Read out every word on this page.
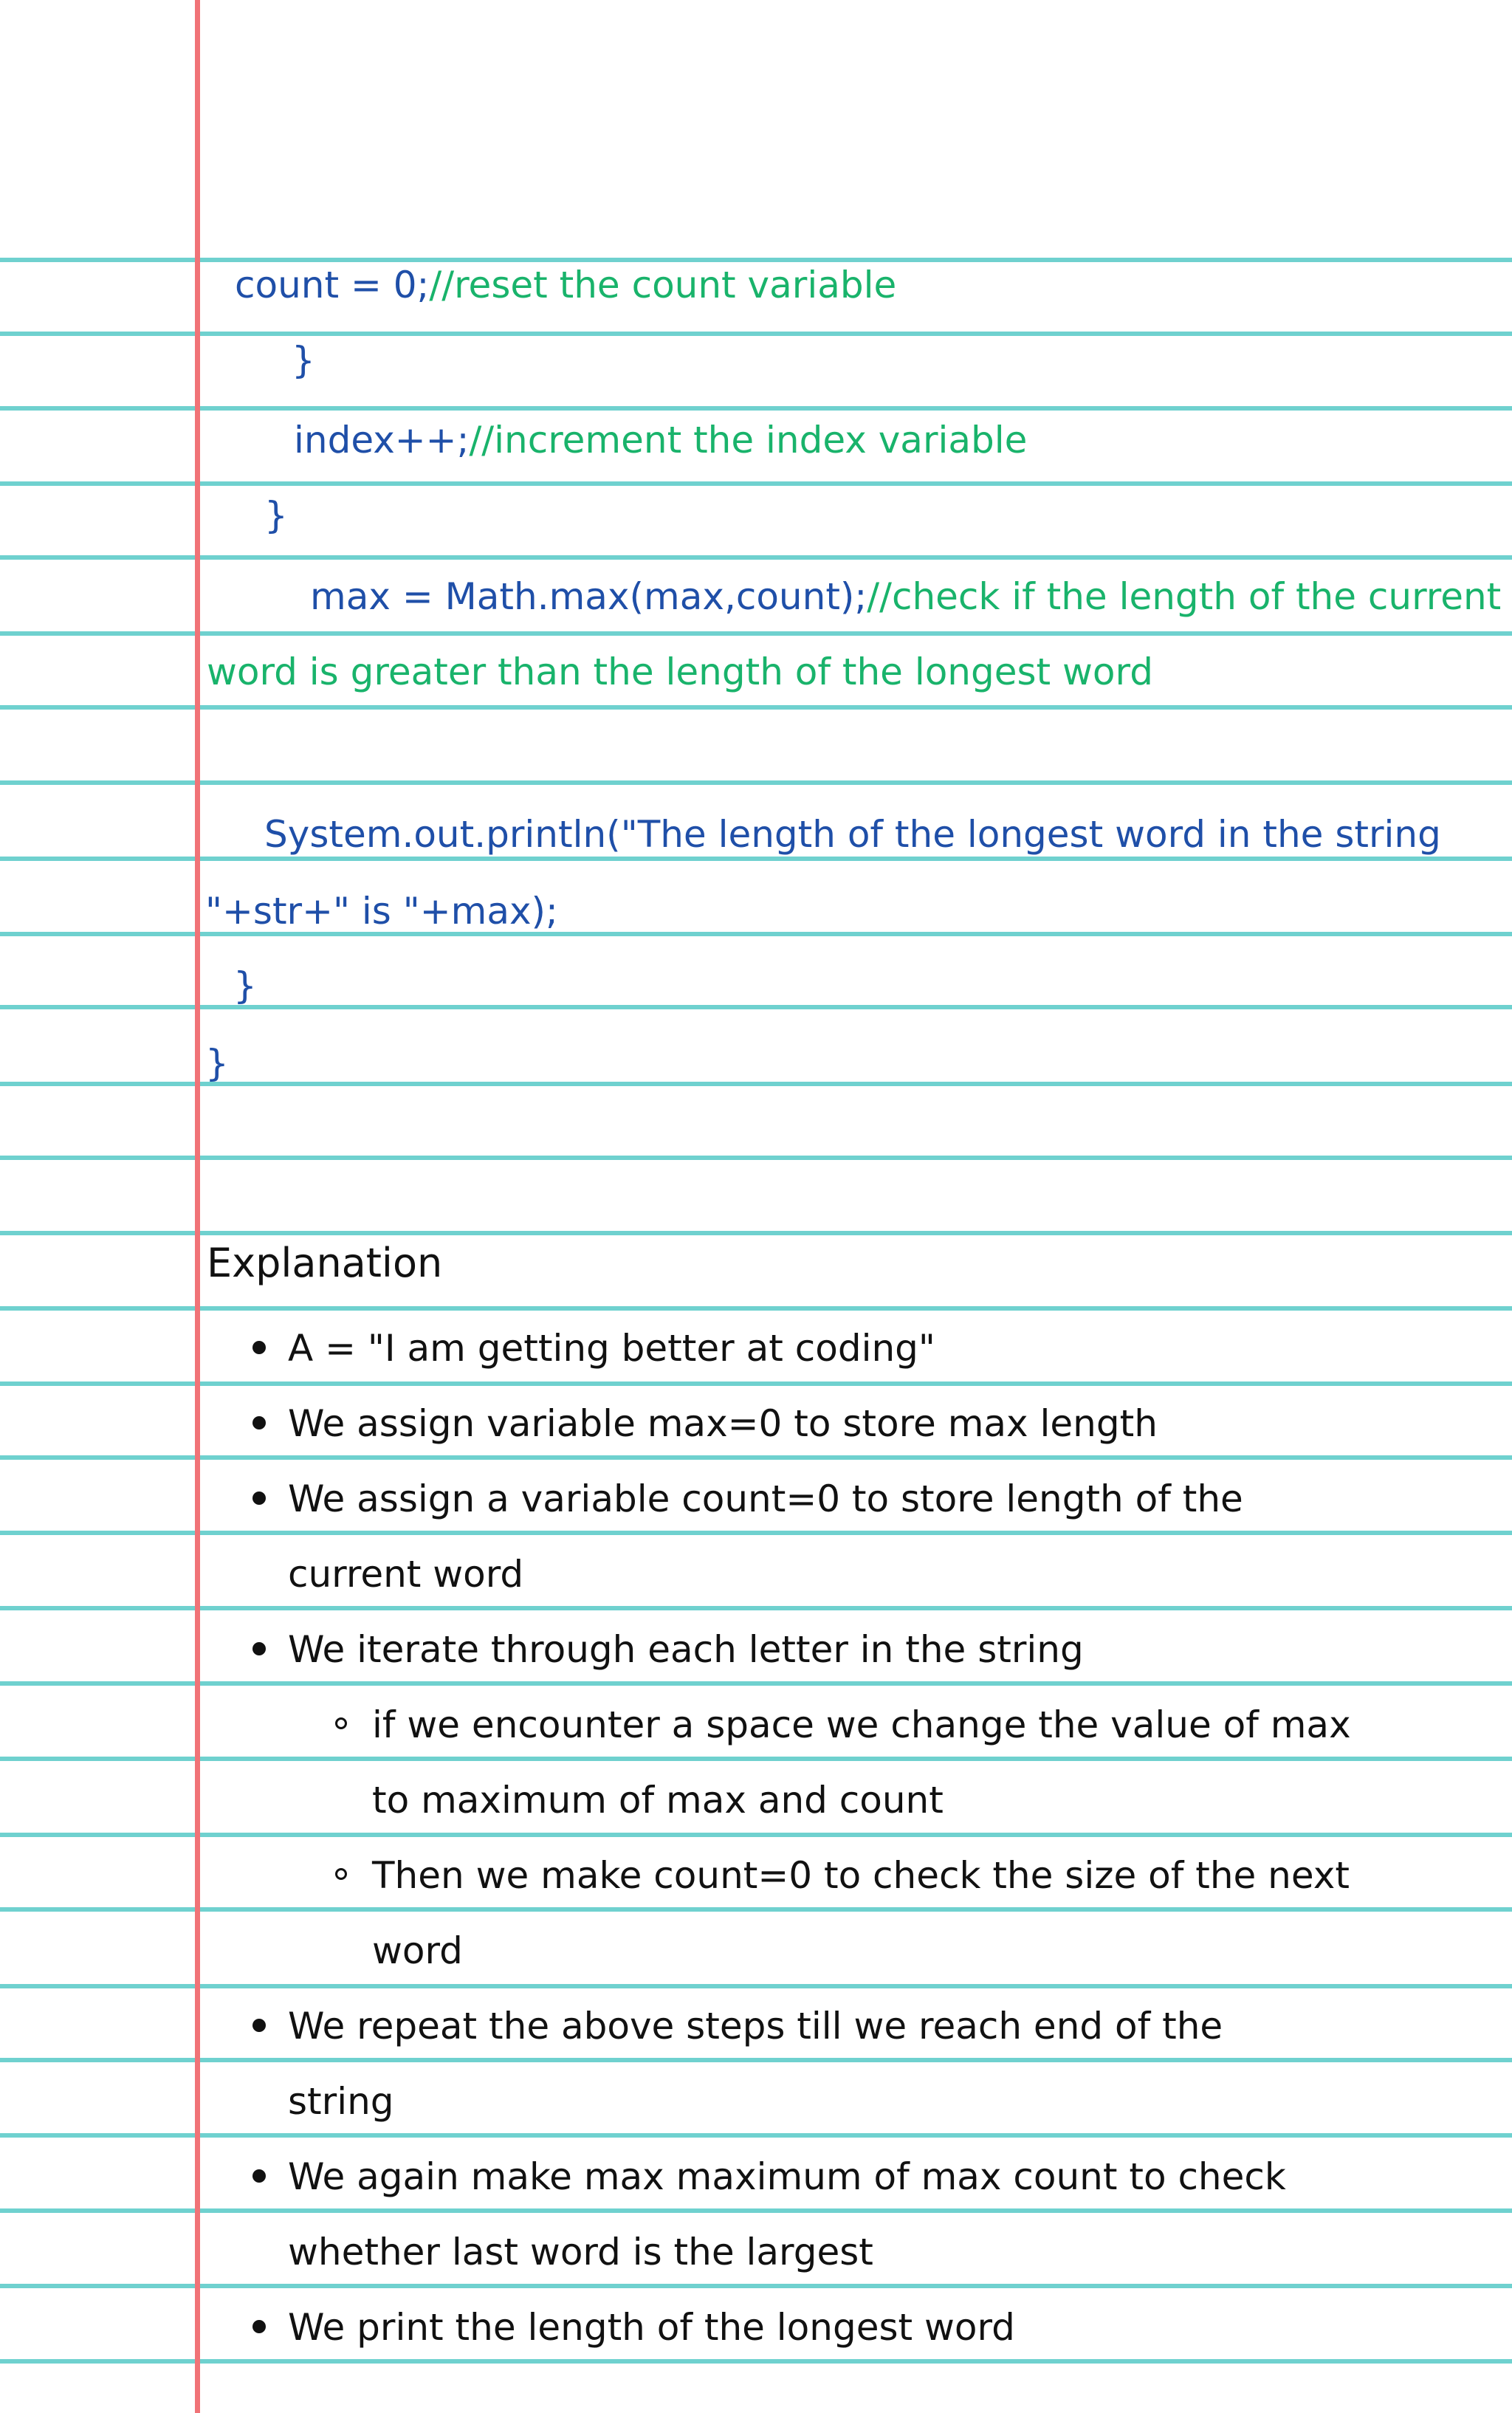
count = 0;//reset the count variable
}
index++;//increment the index variable
}
max = Math.max(max,count);//check if the length of the current
word is greater than the length of the longest word
System.out.println("The length of the longest word in the string
"+str+" is "+max);
}
}
Explanation
A = "I am getting better at coding"
We assign variable max=0 to store max length
We assign a variable count=0 to store length of the
current word
We iterate through each letter in the string
if we encounter a space we change the value of max
to maximum of max and count
Then we make count=0 to check the size of the next
word
We repeat the above steps till we reach end of the
string
We again make max maximum of max count to check
whether last word is the largest
We print the length of the longest word
